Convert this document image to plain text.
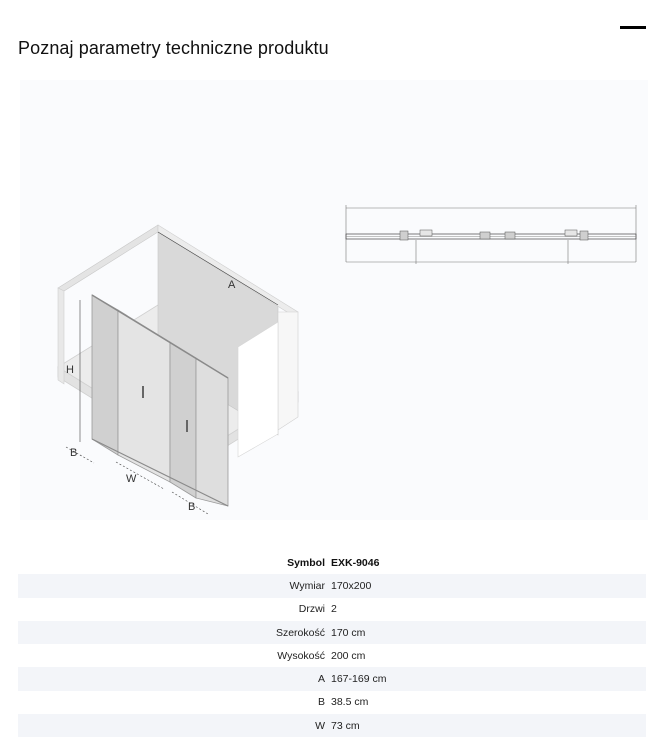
Poznaj parametry techniczne produktu
A
H
B
W
B
Symbol EXK-9046
Wymiar 170x200
Drzwi 2
Szerokość 170 cm
Wysokość 200 cm
A 167-169 cm
B 38.5 cm
W 73 cm
